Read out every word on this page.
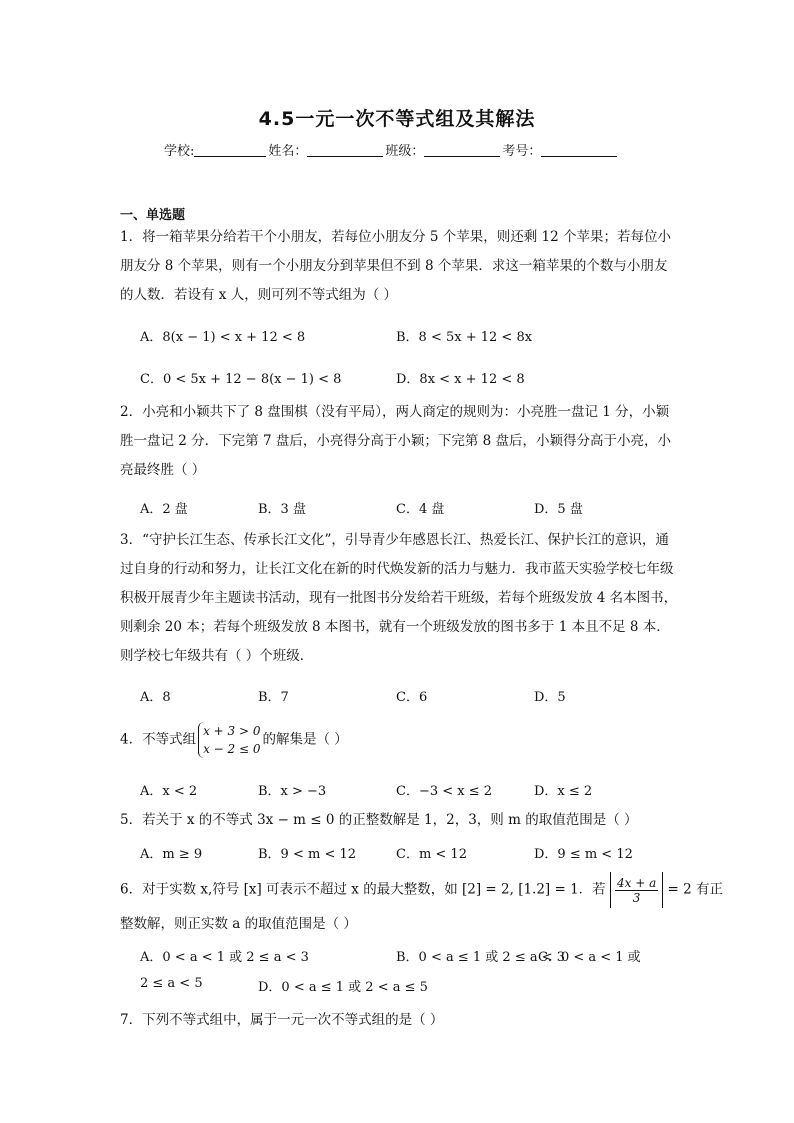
4.5一元一次不等式组及其解法
学校:	姓名：	班级：	考号：
一、单选题
1．将一箱苹果分给若干个小朋友，若每位小朋友分 5 个苹果，则还剩 12 个苹果；若每位小朋友分 8 个苹果，则有一个小朋友分到苹果但不到 8 个苹果．求这一箱苹果的个数与小朋友的人数．若设有 x 人，则可列不等式组为（ ）
A．8(x − 1) < x + 12 < 8	B．8 < 5x + 12 < 8x
C．0 < 5x + 12 − 8(x − 1) < 8	D．8x < x + 12 < 8
2．小亮和小颖共下了 8 盘围棋（没有平局），两人商定的规则为：小亮胜一盘记 1 分，小颖胜一盘记 2 分．下完第 7 盘后，小亮得分高于小颖；下完第 8 盘后，小颖得分高于小亮，小亮最终胜（ ）
A．2 盘	B．3 盘	C．4 盘	D．5 盘
3．“守护长江生态、传承长江文化”，引导青少年感恩长江、热爱长江、保护长江的意识，通过自身的行动和努力，让长江文化在新的时代焕发新的活力与魅力．我市蓝天实验学校七年级积极开展青少年主题读书活动，现有一批图书分发给若干班级，若每个班级发放 4 名本图书，则剩余 20 本；若每个班级发放 8 本图书，就有一个班级发放的图书多于 1 本且不足 8 本．则学校七年级共有（ ）个班级．
A．8	B．7	C．6	D．5
4．不等式组
x + 3 > 0
x − 2 ≤ 0
的解集是（ ）
A．x < 2	B．x > −3	C．−3 < x ≤ 2	D．x ≤ 2
5．若关于 x 的不等式 3x − m ≤ 0 的正整数解是 1，2，3，则 m 的取值范围是（ ）
A．m ≥ 9	B．9 < m < 12	C．m < 12	D．9 ≤ m < 12
6．对于实数 x,符号 [x] 可表示不超过 x 的最大整数，如 [2] = 2, [1.2] = 1．若 $\frac{4x + a}{3} = 2$ 有正
整数解，则正实数 a 的取值范围是（ ）
A．0 < a < 1 或 2 ≤ a < 3	B．0 < a ≤ 1 或 2 ≤ a < 3
C．0 < a < 1 或
2 ≤ a < 5	D．0 < a ≤ 1 或 2 < a ≤ 5
7．下列不等式组中，属于一元一次不等式组的是（ ）
